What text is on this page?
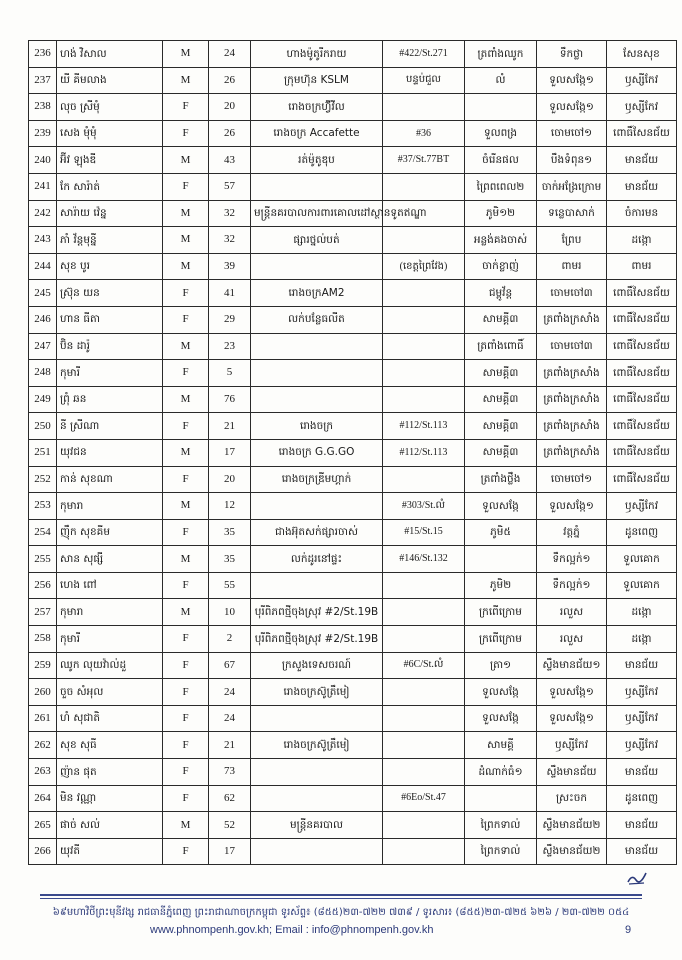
236	ហង់ វិសាល	M	24	ហាងម៉ូតូរីករាយ	#422/St.271	ត្រពាំងឈូក	ទឹកថ្លា	សែនសុខ
237	យី គីមលាង	M	26	ក្រុមហ៊ុន KSLM	បន្ទប់ជួល	លំ	ទួលសង្កែ១	ឫស្សីកែវ
238	លុច ស្រីមុំ	F	20	រោងចក្រហ៊្វីវីល			ទួលសង្កែ១	ឫស្សីកែវ
239	សេង មុំមុំ	F	26	រោងចក្រ Accafette	#36	ទួលពង្រ	ចោមចៅ១	ពោធិ៍សែនជ័យ
240	អ៊ីវ ឡុងឌី	M	43	រត់ម៉ូតូឌុប	#37/St.77BT	ចំរើនផល	បឹងទំពុន១	មានជ័យ
241	កែ សារ៉ាត់	F	57			ព្រៃពពេល២	ចាក់អង្រែក្រោម	មានជ័យ
242	សារ៉ាយ វ៉េន្ន	M	32	មន្ត្រីនគរបាលការពារគោលដៅស្ថានទូតឥណ្ឌា		ភូមិ១២	ទន្លេបាសាក់	ចំការមន
243	ភាំ វ័ន្តមុន្នី	M	32	ផ្សារថ្នល់បត់		អន្លង់គងចាស់	ព្រែប	ដង្កោ
244	សុខ បូរ	M	39		(ខេត្តព្រៃវែង)	ចាក់ខ្លាញ់	ពាមរ	ពាមរ
245	ស្រ៊ុន យន	F	41	រោងចក្រAM2		ជម្ពូវ័ន្ត	ចោមចៅ៣	ពោធិ៍សែនជ័យ
246	ហាន ធីតា	F	29	លក់បន្លែធលីត		សាមគ្គី៣	ត្រពាំងក្រសាំង	ពោធិ៍សែនជ័យ
247	ប៊ិន ដារ៉ូ	M	23			ត្រពាំងពោធិ៍	ចោមចៅ៣	ពោធិ៍សែនជ័យ
248	កុមារី	F	5			សាមគ្គី៣	ត្រពាំងក្រសាំង	ពោធិ៍សែនជ័យ
249	ព្រុំ ឆន	M	76			សាមគ្គី៣	ត្រពាំងក្រសាំង	ពោធិ៍សែនជ័យ
250	នី ស្រីណា	F	21	រោងចក្រ	#112/St.113	សាមគ្គី៣	ត្រពាំងក្រសាំង	ពោធិ៍សែនជ័យ
251	យុវជន	M	17	រោងចក្រ G.G.GO	#112/St.113	សាមគ្គី៣	ត្រពាំងក្រសាំង	ពោធិ៍សែនជ័យ
252	កាន់ សុខណា	F	20	រោងចក្រឌ្រីមហ្គាក់		ត្រពាំងថ្លឹង	ចោមចៅ១	ពោធិ៍សែនជ័យ
253	កុមារា	M	12		#303/St.លំ	ទួលសង្កែ	ទួលសង្កែ១	ឫស្សីកែវ
254	ញ៉ឹក សុខគីម	F	35	ជាងអ៊ុតសក់ផ្សារចាស់	#15/St.15	ភូមិ៥	វត្តភ្នំ	ដូនពេញ
255	សាន សុផ្សី	M	35	លក់ដូរនៅផ្ទះ	#146/St.132		ទឹកល្អក់១	ទួលគោក
256	ហេង ពៅ	F	55			ភូមិ២	ទឹកល្អក់១	ទួលគោក
257	កុមារា	M	10	បុរីពិភពថ្មីចុងស្រុវ #2/St.19B		ក្រពើក្រោម	រលួស	ដង្កោ
258	កុមារី	F	2	បុរីពិភពថ្មីចុងស្រុវ #2/St.19B		ក្រពើក្រោម	រលួស	ដង្កោ
259	ឈូក លុយវ៉ាល់ដួ	F	67	ក្រសួងទេសចរណ៍	#6C/St.លំ	ត្រា១	ស្ទឹងមានជ័យ១	មានជ័យ
260	ចួច សំអុល	F	24	រោងចក្រស៊ូត្រឹមៀ		ទួលសង្កែ	ទួលសង្កែ១	ឫស្សីកែវ
261	ហំ សុជាតិ	F	24			ទួលសង្កែ	ទួលសង្កែ១	ឫស្សីកែវ
262	សុខ សុធី	F	21	រោងចក្រស៊ូត្រឹមៀ		សាមគ្គី	ឫស្សីកែវ	ឫស្សីកែវ
263	ញ៉ាន ផុត	F	73			ដំណាក់ធំ១	ស្ទឹងមានជ័យ	មានជ័យ
264	មិន វណ្ណា	F	62		#6Eo/St.47		ស្រះចក	ដូនពេញ
265	ផាច់ សល់	M	52	មន្ត្រីនគរបាល		ព្រៃកទាល់	ស្ទឹងមានជ័យ២	មានជ័យ
266	យុវតី	F	17			ព្រៃកទាល់	ស្ទឹងមានជ័យ២	មានជ័យ
៦៩មហាវិថីព្រះមុនីវង្ស រាជធានីភ្នំពេញ ព្រះរាជាណាចក្រកម្ពុជា ទូរស័ព្ទ៖ (៨៥៥)២៣-៧២២ ៧៣៩ / ទូរសារ៖ (៨៥៥)២៣-៧២៥ ៦២៦ / ២៣-៧២២ ០៥៤
www.phnompenh.gov.kh; Email : info@phnompenh.gov.kh	9
